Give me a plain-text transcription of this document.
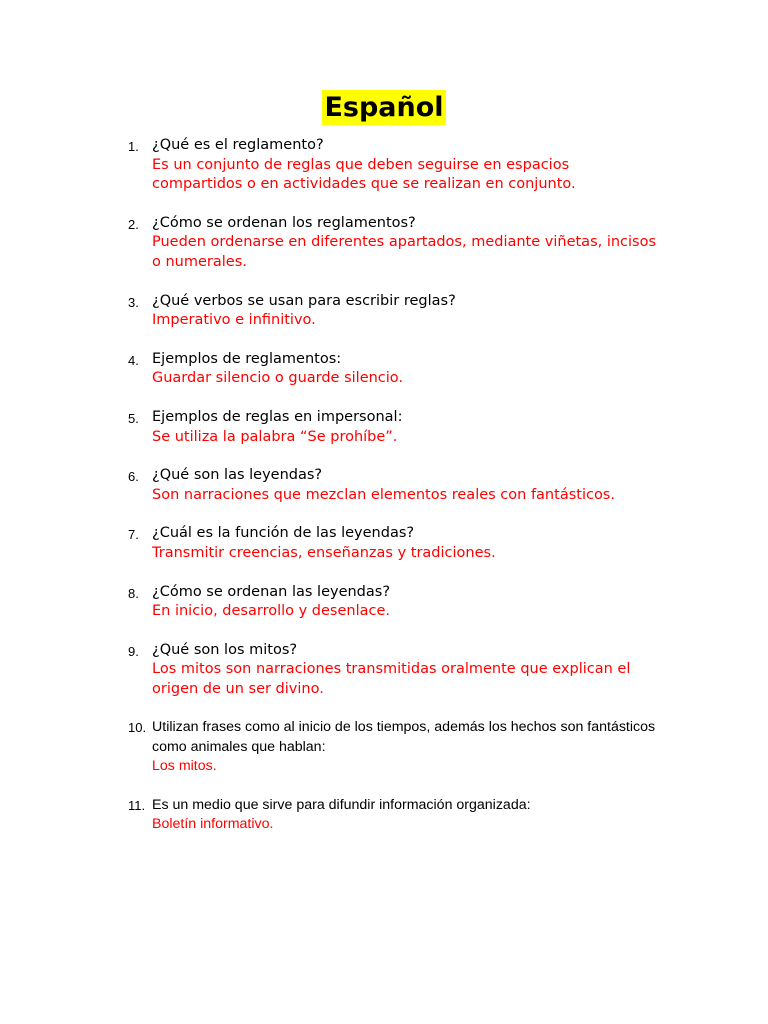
Español
1. ¿Qué es el reglamento?
Es un conjunto de reglas que deben seguirse en espacios compartidos o en actividades que se realizan en conjunto.
2. ¿Cómo se ordenan los reglamentos?
Pueden ordenarse en diferentes apartados, mediante viñetas, incisos o numerales.
3. ¿Qué verbos se usan para escribir reglas?
Imperativo e infinitivo.
4. Ejemplos de reglamentos:
Guardar silencio o guarde silencio.
5. Ejemplos de reglas en impersonal:
Se utiliza la palabra “Se prohíbe”.
6. ¿Qué son las leyendas?
Son narraciones que mezclan elementos reales con fantásticos.
7. ¿Cuál es la función de las leyendas?
Transmitir creencias, enseñanzas y tradiciones.
8. ¿Cómo se ordenan las leyendas?
En inicio, desarrollo y desenlace.
9. ¿Qué son los mitos?
Los mitos son narraciones transmitidas oralmente que explican el origen de un ser divino.
10. Utilizan frases como al inicio de los tiempos, además los hechos son fantásticos como animales que hablan:
Los mitos.
11. Es un medio que sirve para difundir información organizada:
Boletín informativo.
